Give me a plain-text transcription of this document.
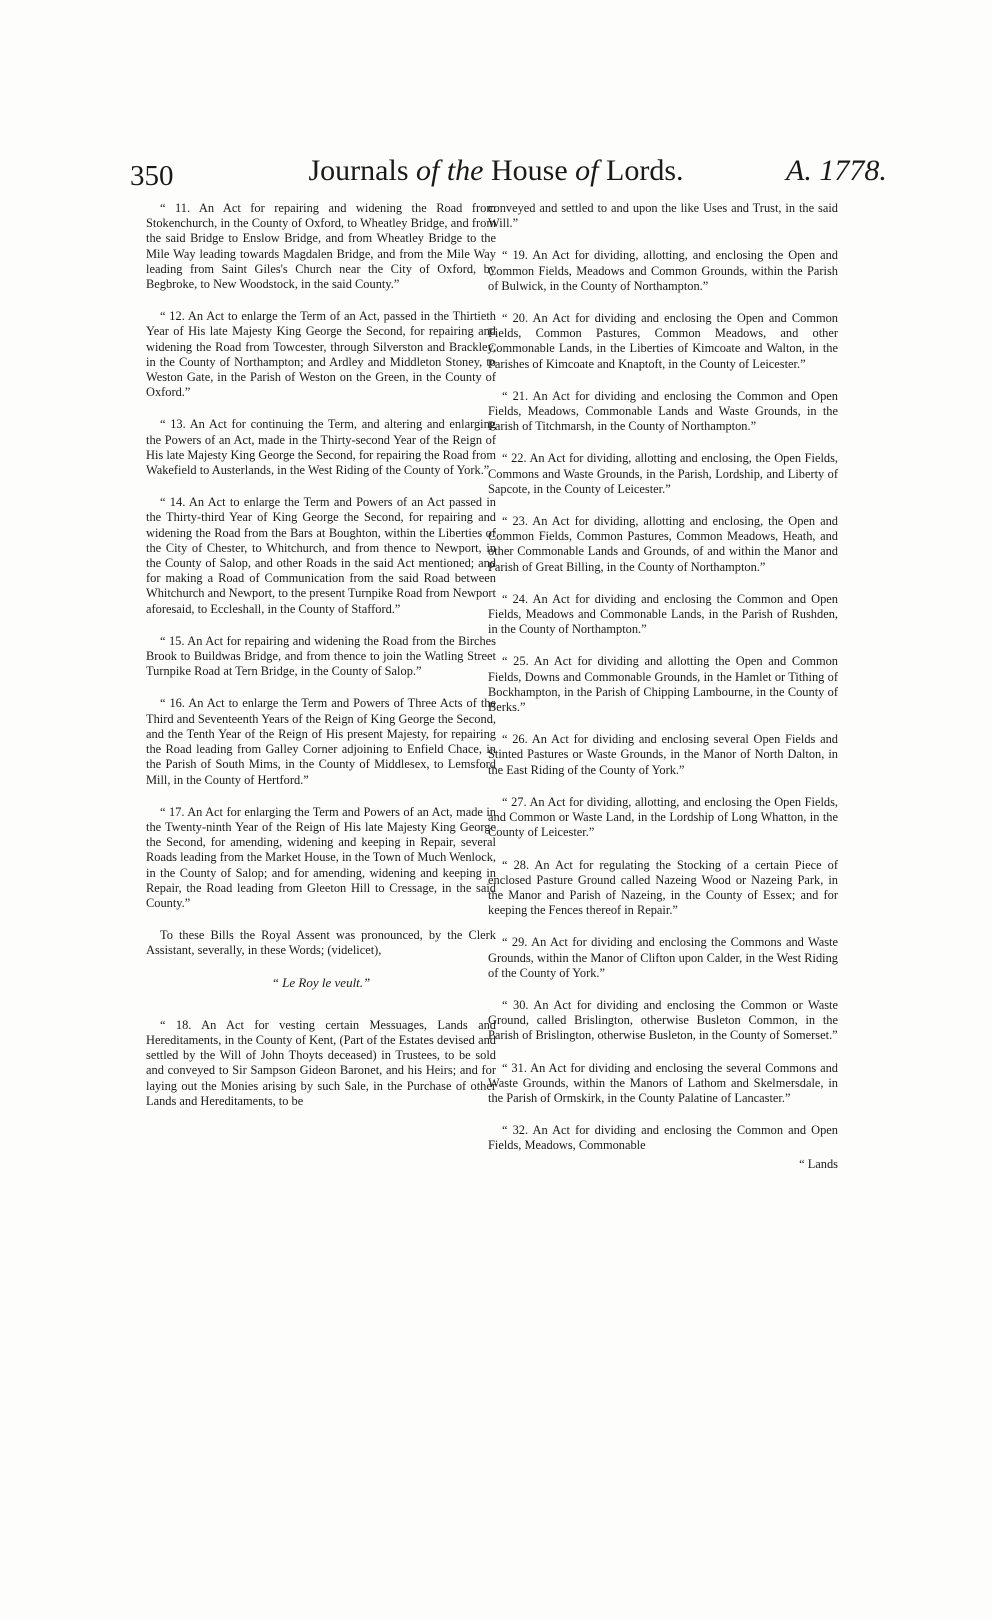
350	Journals of the House of Lords.	A. 1778.

“ 11. An Act for repairing and widening the Road from Stokenchurch, in the County of Oxford, to Wheatley Bridge, and from the said Bridge to Enslow Bridge, and from Wheatley Bridge to the Mile Way leading towards Magdalen Bridge, and from the Mile Way leading from Saint Giles's Church near the City of Oxford, by Begbroke, to New Woodstock, in the said County.”

“ 12. An Act to enlarge the Term of an Act, passed in the Thirtieth Year of His late Majesty King George the Second, for repairing and widening the Road from Towcester, through Silverston and Brackley, in the County of Northampton; and Ardley and Middleton Stoney, to Weston Gate, in the Parish of Weston on the Green, in the County of Oxford.”

“ 13. An Act for continuing the Term, and altering and enlarging the Powers of an Act, made in the Thirty-second Year of the Reign of His late Majesty King George the Second, for repairing the Road from Wakefield to Austerlands, in the West Riding of the County of York.”

“ 14. An Act to enlarge the Term and Powers of an Act passed in the Thirty-third Year of King George the Second, for repairing and widening the Road from the Bars at Boughton, within the Liberties of the City of Chester, to Whitchurch, and from thence to Newport, in the County of Salop, and other Roads in the said Act mentioned; and for making a Road of Communication from the said Road between Whitchurch and Newport, to the present Turnpike Road from Newport aforesaid, to Eccleshall, in the County of Stafford.”

“ 15. An Act for repairing and widening the Road from the Birches Brook to Buildwas Bridge, and from thence to join the Watling Street Turnpike Road at Tern Bridge, in the County of Salop.”

“ 16. An Act to enlarge the Term and Powers of Three Acts of the Third and Seventeenth Years of the Reign of King George the Second, and the Tenth Year of the Reign of His present Majesty, for repairing the Road leading from Galley Corner adjoining to Enfield Chace, in the Parish of South Mims, in the County of Middlesex, to Lemsford Mill, in the County of Hertford.”

“ 17. An Act for enlarging the Term and Powers of an Act, made in the Twenty-ninth Year of the Reign of His late Majesty King George the Second, for amending, widening and keeping in Repair, several Roads leading from the Market House, in the Town of Much Wenlock, in the County of Salop; and for amending, widening and keeping in Repair, the Road leading from Gleeton Hill to Cressage, in the said County.”

To these Bills the Royal Assent was pronounced, by the Clerk Assistant, severally, in these Words; (videlicet),

“ Le Roy le veult.”

“ 18. An Act for vesting certain Messuages, Lands and Hereditaments, in the County of Kent, (Part of the Estates devised and settled by the Will of John Thoyts deceased) in Trustees, to be sold and conveyed to Sir Sampson Gideon Baronet, and his Heirs; and for laying out the Monies arising by such Sale, in the Purchase of other Lands and Hereditaments, to be

conveyed and settled to and upon the like Uses and Trust, in the said Will.”

“ 19. An Act for dividing, allotting, and enclosing the Open and Common Fields, Meadows and Common Grounds, within the Parish of Bulwick, in the County of Northampton.”

“ 20. An Act for dividing and enclosing the Open and Common Fields, Common Pastures, Common Meadows, and other Commonable Lands, in the Liberties of Kimcoate and Walton, in the Parishes of Kimcoate and Knaptoft, in the County of Leicester.”

“ 21. An Act for dividing and enclosing the Common and Open Fields, Meadows, Commonable Lands and Waste Grounds, in the Parish of Titchmarsh, in the County of Northampton.”

“ 22. An Act for dividing, allotting and enclosing, the Open Fields, Commons and Waste Grounds, in the Parish, Lordship, and Liberty of Sapcote, in the County of Leicester.”

“ 23. An Act for dividing, allotting and enclosing, the Open and Common Fields, Common Pastures, Common Meadows, Heath, and other Commonable Lands and Grounds, of and within the Manor and Parish of Great Billing, in the County of Northampton.”

“ 24. An Act for dividing and enclosing the Common and Open Fields, Meadows and Commonable Lands, in the Parish of Rushden, in the County of Northampton.”

“ 25. An Act for dividing and allotting the Open and Common Fields, Downs and Commonable Grounds, in the Hamlet or Tithing of Bockhampton, in the Parish of Chipping Lambourne, in the County of Berks.”

“ 26. An Act for dividing and enclosing several Open Fields and Stinted Pastures or Waste Grounds, in the Manor of North Dalton, in the East Riding of the County of York.”

“ 27. An Act for dividing, allotting, and enclosing the Open Fields, and Common or Waste Land, in the Lordship of Long Whatton, in the County of Leicester.”

“ 28. An Act for regulating the Stocking of a certain Piece of enclosed Pasture Ground called Nazeing Wood or Nazeing Park, in the Manor and Parish of Nazeing, in the County of Essex; and for keeping the Fences thereof in Repair.”

“ 29. An Act for dividing and enclosing the Commons and Waste Grounds, within the Manor of Clifton upon Calder, in the West Riding of the County of York.”

“ 30. An Act for dividing and enclosing the Common or Waste Ground, called Brislington, otherwise Busleton Common, in the Parish of Brislington, otherwise Busleton, in the County of Somerset.”

“ 31. An Act for dividing and enclosing the several Commons and Waste Grounds, within the Manors of Lathom and Skelmersdale, in the Parish of Ormskirk, in the County Palatine of Lancaster.”

“ 32. An Act for dividing and enclosing the Common and Open Fields, Meadows, Commonable

“ Lands
